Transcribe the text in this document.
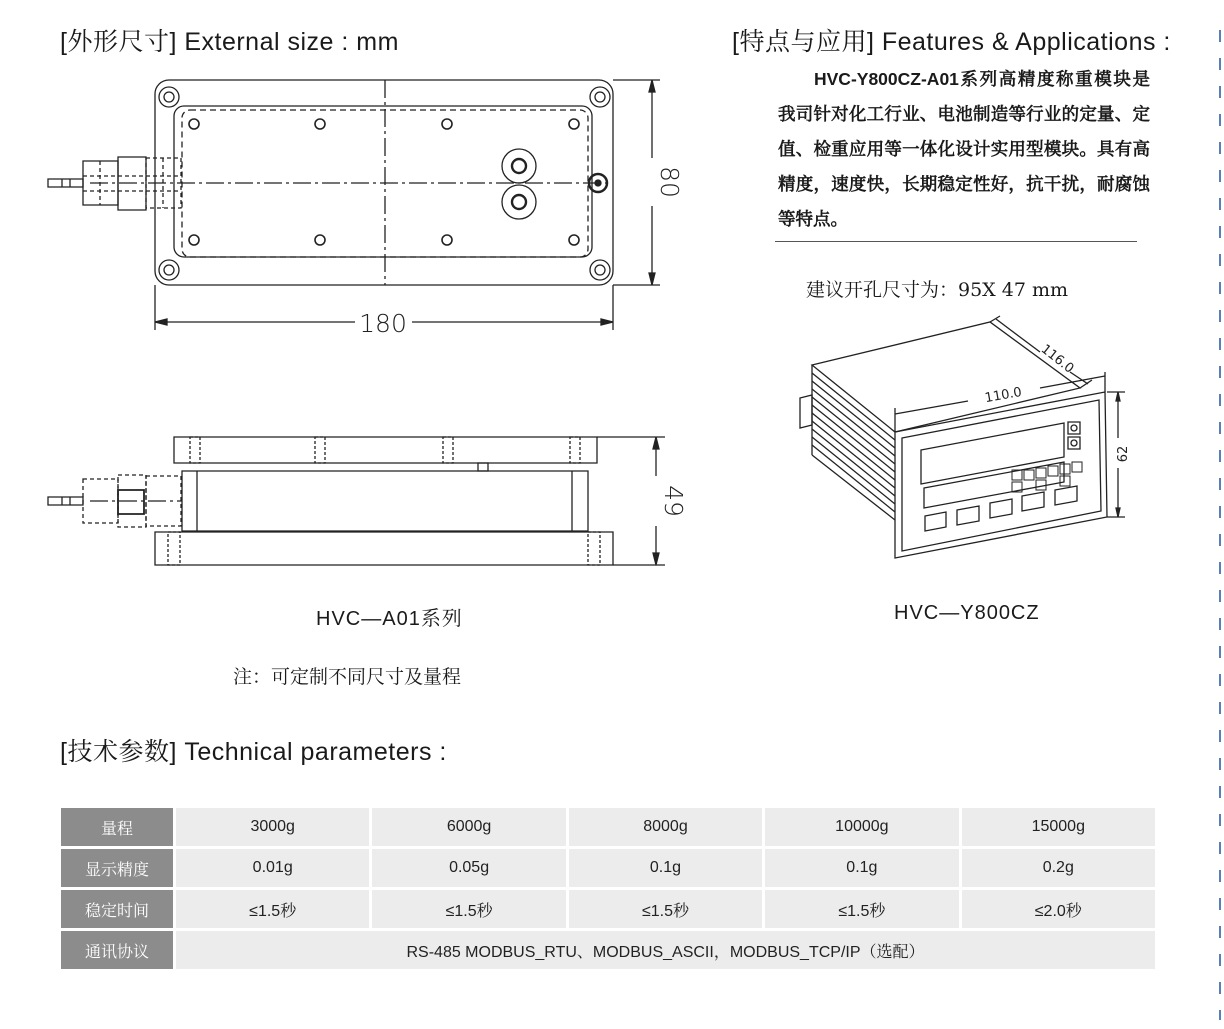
[外形尺寸] External size : mm	[特点与应用] Features & Applications :
[技术参数] Technical parameters :
HVC-Y800CZ-A01系列高精度称重模块是我司针对化工行业、电池制造等行业的定量、定值、检重应用等一体化设计实用型模块。具有高精度，速度快，长期稳定性好，抗干扰，耐腐蚀等特点。
建议开孔尺寸为：95X 47 mm
180
80
49
116.0
110.0
62
HVC—A01系列	HVC—Y800CZ
注：可定制不同尺寸及量程
量程	3000g	6000g	8000g	10000g	15000g
显示精度	0.01g	0.05g	0.1g	0.1g	0.2g
稳定时间	≤1.5秒	≤1.5秒	≤1.5秒	≤1.5秒	≤2.0秒
通讯协议	RS-485 MODBUS_RTU、MODBUS_ASCII，MODBUS_TCP/IP（选配）				
